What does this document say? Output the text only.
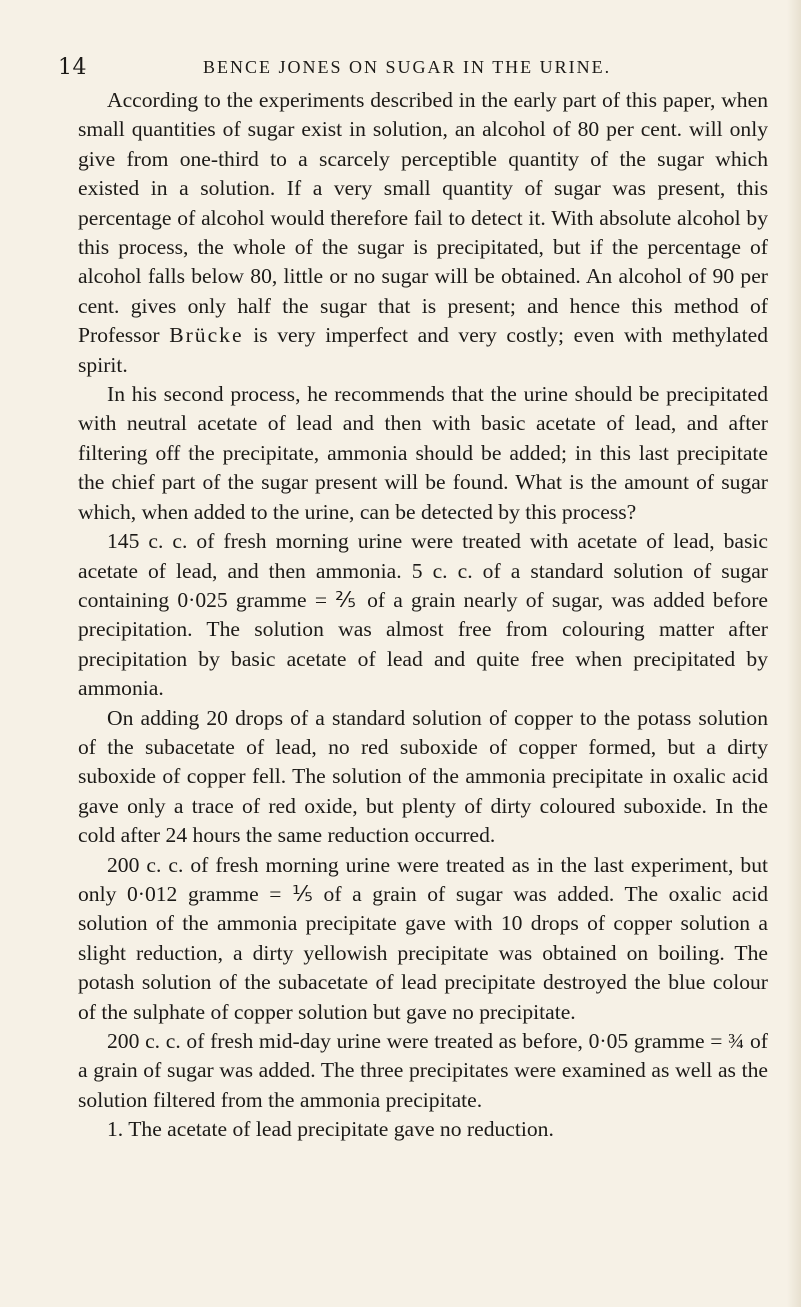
14	BENCE JONES ON SUGAR IN THE URINE.

According to the experiments described in the early part of this paper, when small quantities of sugar exist in solution, an alcohol of 80 per cent. will only give from one-third to a scarcely perceptible quantity of the sugar which existed in a solution. If a very small quantity of sugar was present, this percentage of alcohol would therefore fail to detect it. With absolute alcohol by this process, the whole of the sugar is precipitated, but if the percentage of alcohol falls below 80, little or no sugar will be obtained. An alcohol of 90 per cent. gives only half the sugar that is present; and hence this method of Professor Brücke is very imperfect and very costly; even with methylated spirit.

In his second process, he recommends that the urine should be precipitated with neutral acetate of lead and then with basic acetate of lead, and after filtering off the precipitate, ammonia should be added; in this last precipitate the chief part of the sugar present will be found. What is the amount of sugar which, when added to the urine, can be detected by this process?

145 c. c. of fresh morning urine were treated with acetate of lead, basic acetate of lead, and then ammonia. 5 c. c. of a standard solution of sugar containing 0·025 gramme = ⅖ of a grain nearly of sugar, was added before precipitation. The solution was almost free from colouring matter after precipitation by basic acetate of lead and quite free when precipitated by ammonia.

On adding 20 drops of a standard solution of copper to the potass solution of the subacetate of lead, no red suboxide of copper formed, but a dirty suboxide of copper fell. The solution of the ammonia precipitate in oxalic acid gave only a trace of red oxide, but plenty of dirty coloured suboxide. In the cold after 24 hours the same reduction occurred.

200 c. c. of fresh morning urine were treated as in the last experiment, but only 0·012 gramme = ⅕ of a grain of sugar was added. The oxalic acid solution of the ammonia precipitate gave with 10 drops of copper solution a slight reduction, a dirty yellowish precipitate was obtained on boiling. The potash solution of the subacetate of lead precipitate destroyed the blue colour of the sulphate of copper solution but gave no precipitate.

200 c. c. of fresh mid-day urine were treated as before, 0·05 gramme = ¾ of a grain of sugar was added. The three precipitates were examined as well as the solution filtered from the ammonia precipitate.

1. The acetate of lead precipitate gave no reduction.
